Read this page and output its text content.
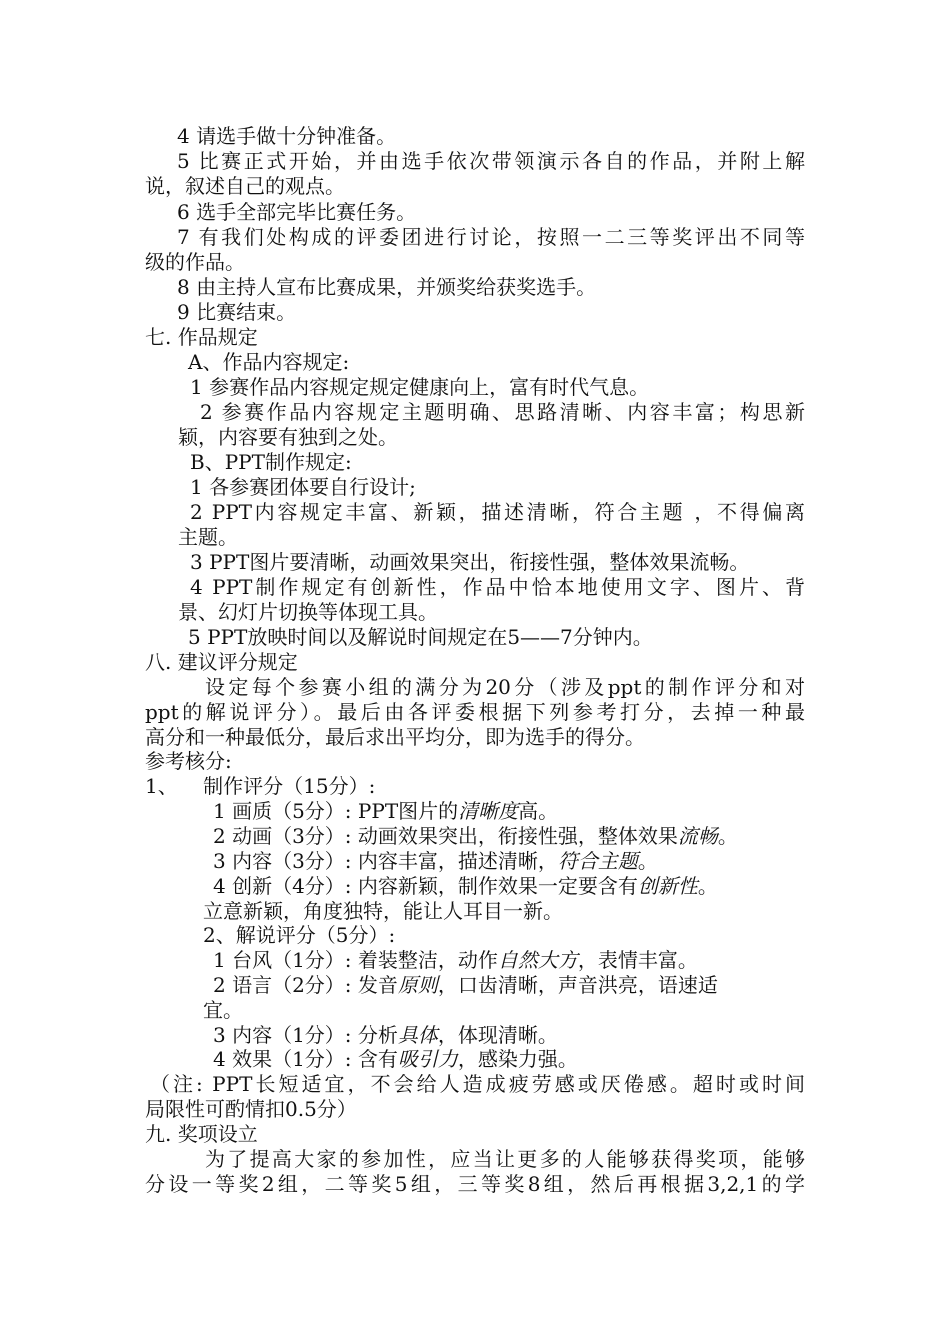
4 请选手做十分钟准备。
5 比赛正式开始，并由选手依次带领演示各自的作品，并附上解
说，叙述自己的观点。
6 选手全部完毕比赛任务。
7 有我们处构成的评委团进行讨论，按照一二三等奖评出不同等
级的作品。
8 由主持人宣布比赛成果，并颁奖给获奖选手。
9 比赛结束。
七. 作品规定
A、作品内容规定:
1 参赛作品内容规定规定健康向上，富有时代气息。
2 参赛作品内容规定主题明确、思路清晰、内容丰富；构思新
颖，内容要有独到之处。
B、PPT制作规定:
1 各参赛团体要自行设计;
2 PPT内容规定丰富、新颖，描述清晰，符合主题 ，不得偏离
主题。
3 PPT图片要清晰，动画效果突出，衔接性强，整体效果流畅。
4 PPT制作规定有创新性，作品中恰本地使用文字、图片、背
景、幻灯片切换等体现工具。
5 PPT放映时间以及解说时间规定在5——7分钟内。
八. 建议评分规定
设定每个参赛小组的满分为20分（涉及ppt的制作评分和对
ppt的解说评分）。最后由各评委根据下列参考打分，去掉一种最
高分和一种最低分，最后求出平均分，即为选手的得分。
参考核分:
1、    制作评分（15分）:
1 画质（5分）: PPT图片的清晰度高。
2 动画（3分）: 动画效果突出，衔接性强，整体效果流畅。
3 内容（3分）: 内容丰富，描述清晰，符合主题。
4 创新（4分）: 内容新颖，制作效果一定要含有创新性。
立意新颖，角度独特，能让人耳目一新。
2、解说评分（5分）:
1 台风（1分）: 着装整洁，动作自然大方，表情丰富。
2 语言（2分）: 发音原则，口齿清晰，声音洪亮，语速适
宜。
3 内容（1分）: 分析具体，体现清晰。
4 效果（1分）: 含有吸引力，感染力强。
（注: PPT长短适宜，不会给人造成疲劳感或厌倦感。超时或时间
局限性可酌情扣0.5分）
九. 奖项设立
为了提高大家的参加性，应当让更多的人能够获得奖项，能够
分设一等奖2组，二等奖5组，三等奖8组，然后再根据3,2,1的学
